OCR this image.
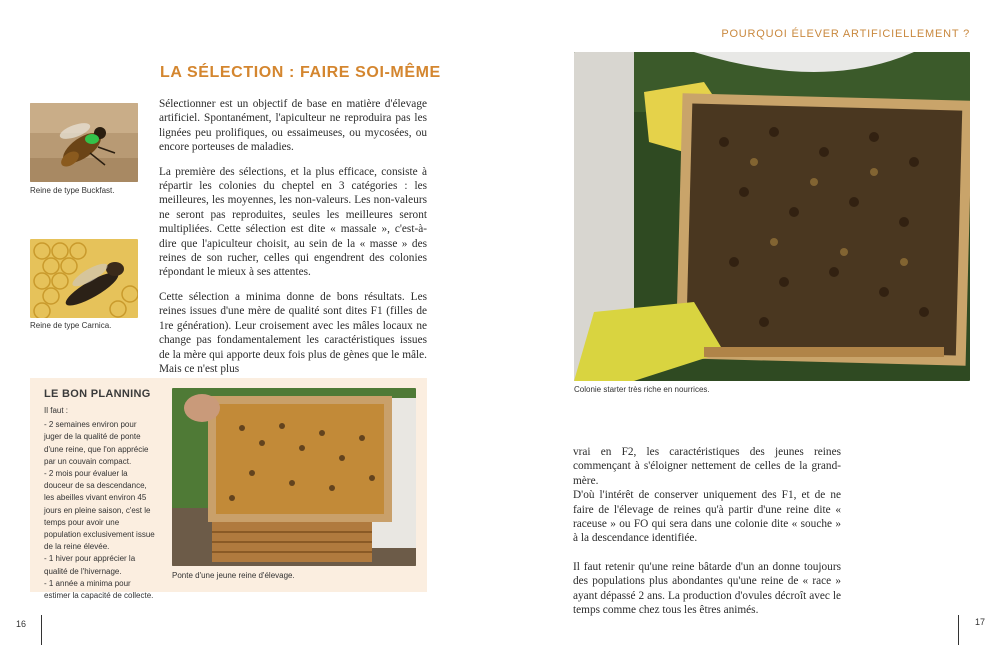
POURQUOI ÉLEVER ARTIFICIELLEMENT ?
LA SÉLECTION : FAIRE SOI-MÊME
Reine de type Buckfast.
Reine de type Carnica.

Sélectionner est un objectif de base en matière d'élevage artificiel. Spontanément, l'apiculteur ne reproduira pas les lignées peu prolifiques, ou essaimeuses, ou mycosées, ou encore porteuses de maladies.

La première des sélections, et la plus efficace, consiste à répartir les colonies du cheptel en 3 catégories : les meilleures, les moyennes, les non-valeurs. Les non-valeurs ne seront pas reproduites, seules les meilleures seront multipliées. Cette sélection est dite « massale », c'est-à-dire que l'apiculteur choisit, au sein de la « masse » des reines de son rucher, celles qui engendrent des colonies répondant le mieux à ses attentes.

Cette sélection a minima donne de bons résultats. Les reines issues d'une mère de qualité sont dites F1 (filles de 1re génération). Leur croisement avec les mâles locaux ne change pas fondamentalement les caractéristiques issues de la mère qui apporte deux fois plus de gènes que le mâle. Mais ce n'est plus

LE BON PLANNING
Il faut :
- 2 semaines environ pour juger de la qualité de ponte d'une reine, que l'on apprécie par un couvain compact.
- 2 mois pour évaluer la douceur de sa descendance, les abeilles vivant environ 45 jours en pleine saison, c'est le temps pour avoir une population exclusivement issue de la reine élevée.
- 1 hiver pour apprécier la qualité de l'hivernage.
- 1 année a minima pour estimer la capacité de collecte.
Ponte d'une jeune reine d'élevage.
Colonie starter très riche en nourrices.

vrai en F2, les caractéristiques des jeunes reines commençant à s'éloigner nettement de celles de la grand-mère.
D'où l'intérêt de conserver uniquement des F1, et de ne faire de l'élevage de reines qu'à partir d'une reine dite « raceuse » ou FO qui sera dans une colonie dite « souche » à la descendance identifiée.

Il faut retenir qu'une reine bâtarde d'un an donne toujours des populations plus abondantes qu'une reine de « race » ayant dépassé 2 ans. La production d'ovules décroît avec le temps comme chez tous les êtres animés.

16	17
